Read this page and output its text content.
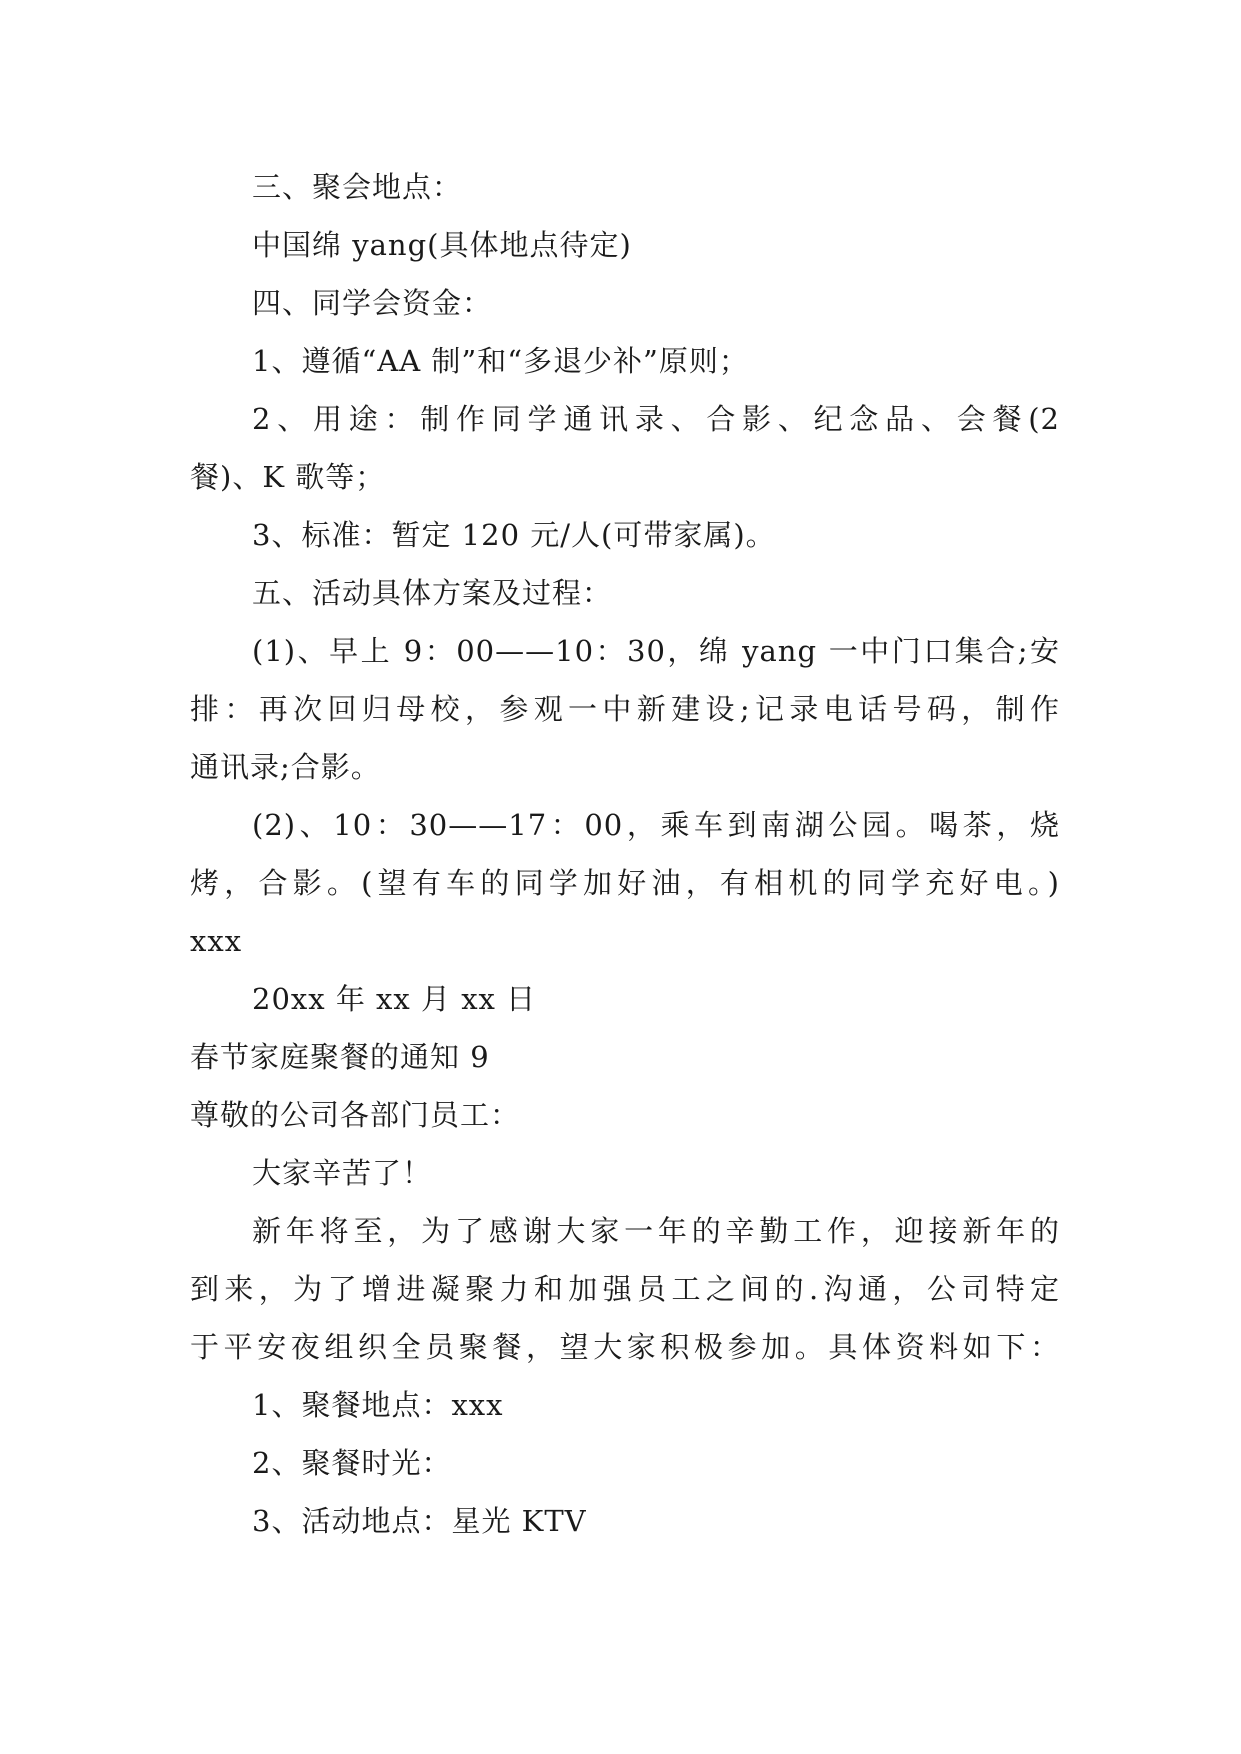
三、聚会地点：

中国绵 yang(具体地点待定)

四、同学会资金：

1、遵循“AA 制”和“多退少补”原则；

2、用途：制作同学通讯录、合影、纪念品、会餐(2

餐)、K 歌等；

3、标准：暂定 120 元/人(可带家属)。

五、活动具体方案及过程：

(1)、早上 9：00——10：30，绵 yang 一中门口集合;安

排：再次回归母校，参观一中新建设;记录电话号码，制作

通讯录;合影。

(2)、10：30——17：00，乘车到南湖公园。喝茶，烧

烤，合影。(望有车的同学加好油，有相机的同学充好电。)

xxx

20xx 年 xx 月 xx 日

春节家庭聚餐的通知 9

尊敬的公司各部门员工：

大家辛苦了！

新年将至，为了感谢大家一年的辛勤工作，迎接新年的

到来，为了增进凝聚力和加强员工之间的.沟通，公司特定

于平安夜组织全员聚餐，望大家积极参加。具体资料如下：

1、聚餐地点：xxx

2、聚餐时光：

3、活动地点：星光 KTV
